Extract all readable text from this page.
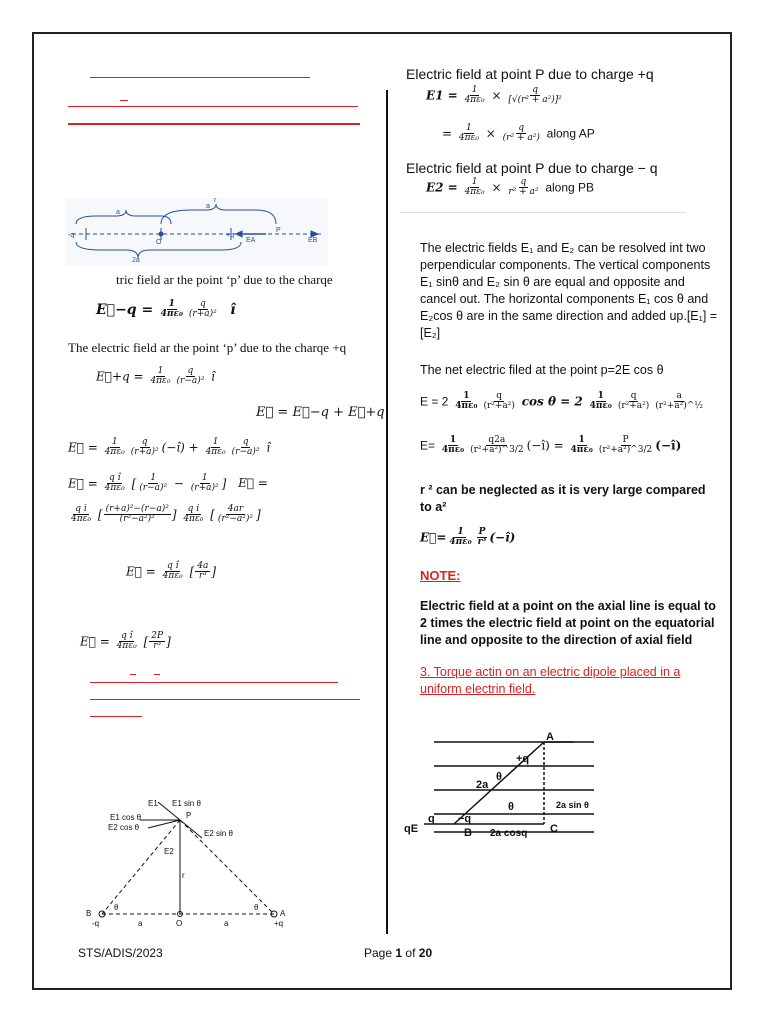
a
a
r
O
P
EA	EB
2a
-q	+q
tric field ar the point ‘p’ due to the charqe
E⃗−q = $\frac{1}{\text{4πε₀}} \frac{q}{\text{(r+a)²}}$ î
The electric field ar the point ‘p’ due to the charqe +q
E⃗+q = $\frac{1}{\text{4πε₀}} \frac{q}{\text{(r−a)²}}$ î
E⃗ = E⃗−q + E⃗+q
E⃗ = $\frac{1}{\text{4πε₀}} \frac{q}{\text{(r+a)²}}$ (−î) + $\frac{1}{\text{4πε₀}} \frac{q}{\text{(r−a)²}}$ î
E⃗ = $\frac{\text{q î}}{\text{4πε₀}}$ [ $\frac{1}{\text{(r−a)²}} - \frac{1}{\text{(r+a)²}}$ ] E⃗ =
$\frac{\text{q i}}{\text{4πε₀}}$ [ $\frac{\text{(r+a)²−(r−a)²}}{\text{(r²−a²)²}}$ ] $\frac{\text{q i}}{\text{4πε₀}}$ [ $\frac{4ar}{\text{(r²−a²)²}}$ ]
E⃗ = $\frac{\text{q î}}{\text{4πε₀}}$ [ $\frac{4a}{\text{r³}}$ ]
E⃗ = $\frac{\text{q î}}{\text{4πε₀}}$ [ $\frac{2P}{\text{r³}}$ ]
E1 E1 sin θ
E1 cos θ
E2 cos θ
P
E2 sin θ
E2
r
θ	θ
B
O
A
-q	a	a	+q
Electric field at point P due to charge +q
$E1 = \frac{1}{\text{4πε₀}} \times \frac{q}{\text{[√(r² + a²)]²}}$
= $\frac{1}{\text{4πε₀}} \times \frac{q}{\text{(r² + a²)}}$ along AP
Electric field at point P due to charge − q
$E2 = \frac{1}{\text{4πε₀}} \times \frac{q}{\text{r² + a²}}$ along PB
The electric fields E₁ and E₂ can be resolved int two perpendicular components. The vertical components E₁ sinθ and E₂ sin θ are equal and opposite and cancel out. The horizontal components E₁ cos θ and E₂cos θ are in the same direction and added up.[E₁] = [E₂]
The net electric filed at the point p=2E cos θ
$E = 2 \frac{1}{\text{4πε₀}} \frac{q}{\text{(r²+a²)}}$ $\cos \theta = 2 \frac{1}{\text{4πε₀}} \frac{q}{\text{(r²+a²)}} \frac{a}{\text{(r²+a²)\textasciicircum{}½}}$
$E= \frac{1}{\text{4πε₀}} \frac{q2a}{\text{(r²+a²)\textasciicircum{}3/2}}$ (−î) = $\frac{1}{\text{4πε₀}} \frac{P}{\text{(r²+a²)\textasciicircum{}3/2}}$ (−î)
r ² can be neglected as it is very large compared to a²
E⃗= $\frac{1}{\text{4πε₀}} \frac{P}{\text{r³}}$ (−î)
NOTE:
Electric field at a point on the axial line is equal to 2 times the electric field at point on the equatorial line and opposite to the direction of axial field
3. Torque actin on an electric dipole placed in a uniform electrin field.
A
+q
2a
θ
θ	2a sin θ
q −q
B 2a cosq C
qE
STS/ADIS/2023	Page 1 of 20
